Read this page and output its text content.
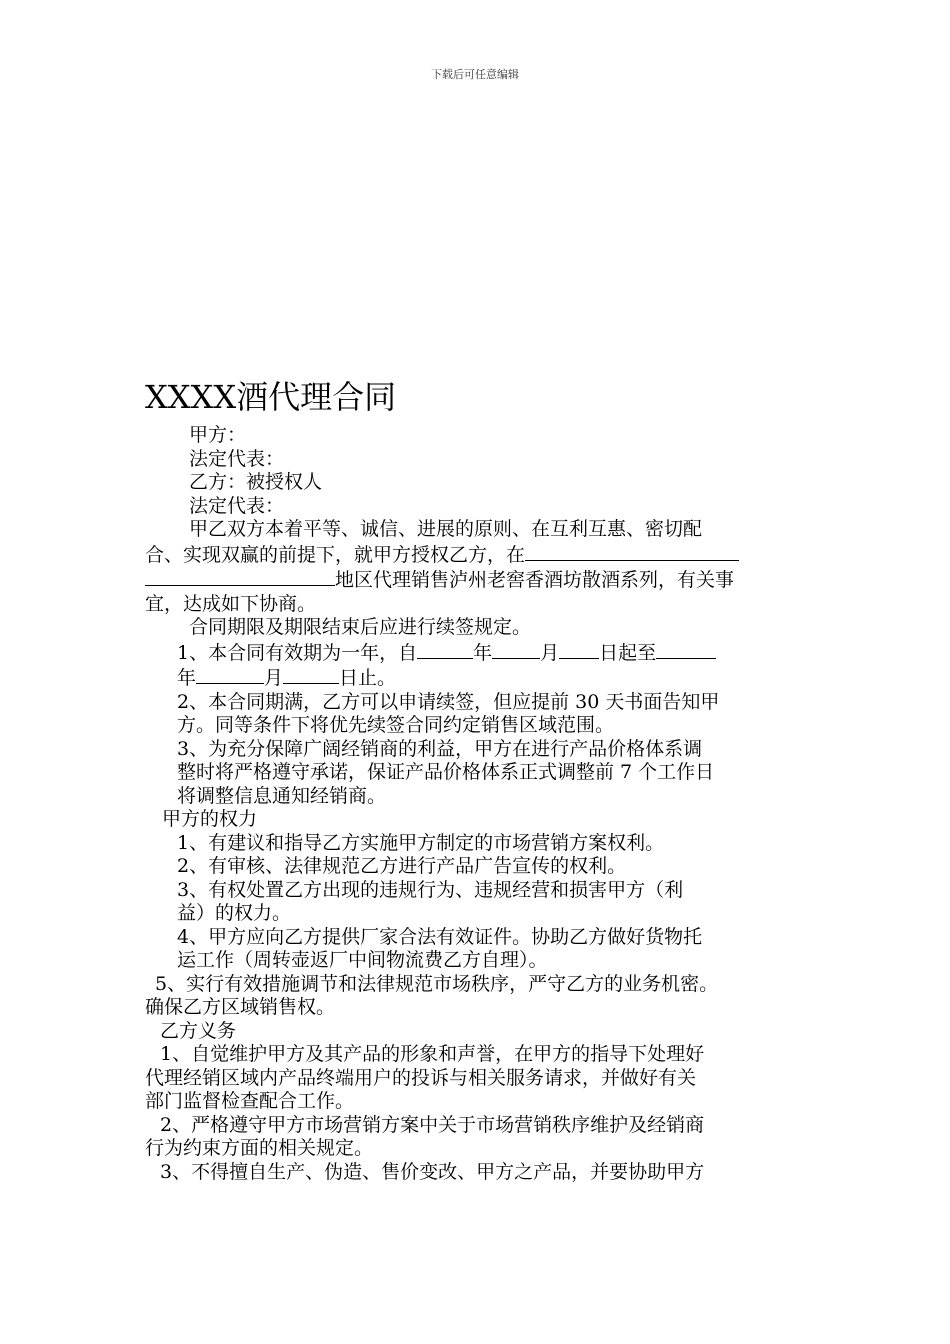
下载后可任意编辑
XXXX酒代理合同

甲方：

法定代表：

乙方：被授权人

法定代表：

甲乙双方本着平等、诚信、进展的原则、在互利互惠、密切配

合、实现双赢的前提下，就甲方授权乙方，在

地区代理销售泸州老窖香酒坊散酒系列，有关事

宜，达成如下协商。

合同期限及期限结束后应进行续签规定。

1、本合同有效期为一年，自	年	月 日起至

年	月	日止。

2、本合同期满，乙方可以申请续签，但应提前 30 天书面告知甲

方。同等条件下将优先续签合同约定销售区域范围。

3、为充分保障广阔经销商的利益，甲方在进行产品价格体系调

整时将严格遵守承诺，保证产品价格体系正式调整前 7 个工作日

将调整信息通知经销商。

甲方的权力

1、有建议和指导乙方实施甲方制定的市场营销方案权利。

2、有审核、法律规范乙方进行产品广告宣传的权利。

3、有权处置乙方出现的违规行为、违规经营和损害甲方（利

益）的权力。

4、甲方应向乙方提供厂家合法有效证件。协助乙方做好货物托

运工作（周转壶返厂中间物流费乙方自理）。

5、实行有效措施调节和法律规范市场秩序，严守乙方的业务机密。

确保乙方区域销售权。

乙方义务

1、自觉维护甲方及其产品的形象和声誉，在甲方的指导下处理好

代理经销区域内产品终端用户的投诉与相关服务请求，并做好有关

部门监督检查配合工作。

2、严格遵守甲方市场营销方案中关于市场营销秩序维护及经销商

行为约束方面的相关规定。

3、不得擅自生产、伪造、售价变改、甲方之产品，并要协助甲方
